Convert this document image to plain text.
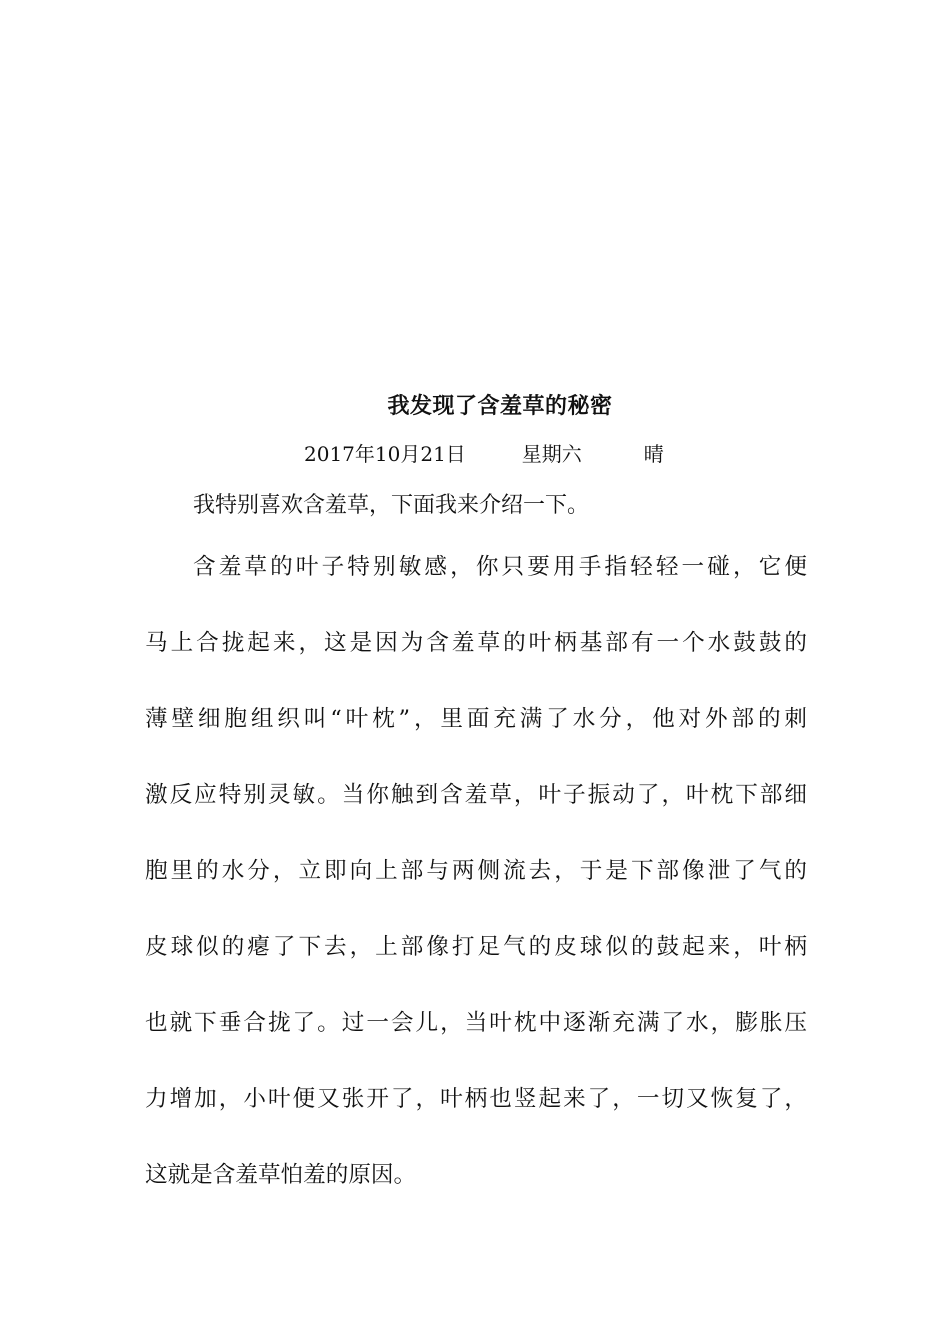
我发现了含羞草的秘密
2017年10月21日	星期六	晴
我特别喜欢含羞草，下面我来介绍一下。
含羞草的叶子特别敏感，你只要用手指轻轻一碰，它便
马上合拢起来，这是因为含羞草的叶柄基部有一个水鼓鼓的
薄壁细胞组织叫“叶枕”，里面充满了水分，他对外部的刺
激反应特别灵敏。当你触到含羞草，叶子振动了，叶枕下部细
胞里的水分，立即向上部与两侧流去，于是下部像泄了气的
皮球似的瘪了下去，上部像打足气的皮球似的鼓起来，叶柄
也就下垂合拢了。过一会儿，当叶枕中逐渐充满了水，膨胀压
力增加，小叶便又张开了，叶柄也竖起来了，一切又恢复了，
这就是含羞草怕羞的原因。
